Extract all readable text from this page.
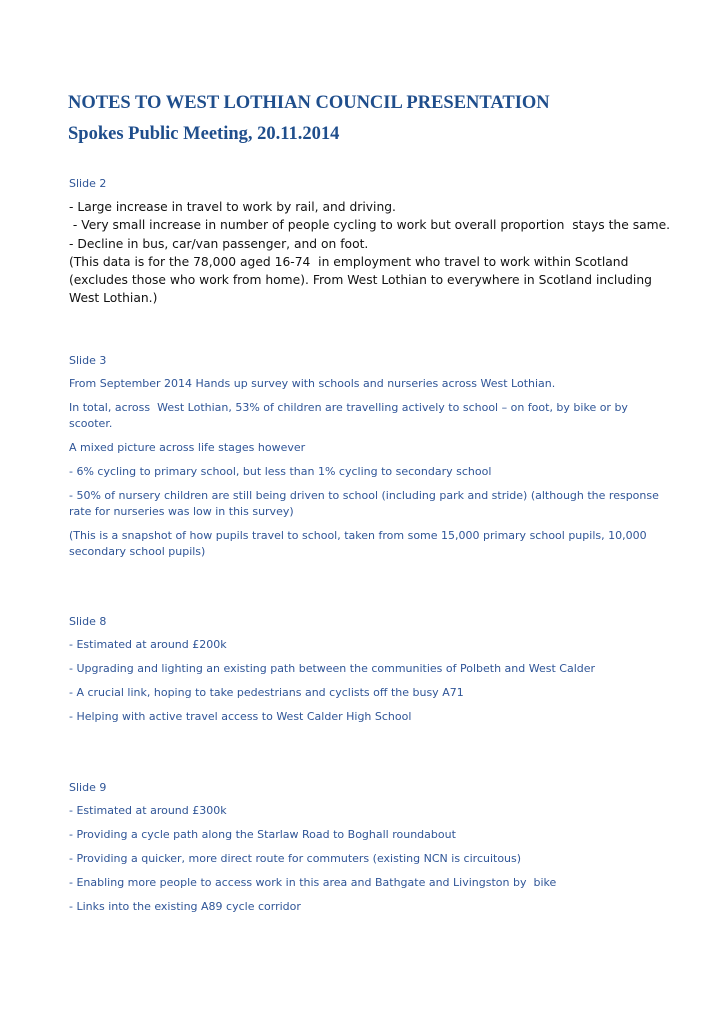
NOTES TO WEST LOTHIAN COUNCIL PRESENTATION
Spokes Public Meeting, 20.11.2014

Slide 2

- Large increase in travel to work by rail, and driving.
- Very small increase in number of people cycling to work but overall proportion  stays the same.
- Decline in bus, car/van passenger, and on foot.
(This data is for the 78,000 aged 16-74  in employment who travel to work within Scotland
(excludes those who work from home). From West Lothian to everywhere in Scotland including
West Lothian.)

Slide 3

From September 2014 Hands up survey with schools and nurseries across West Lothian.

In total, across  West Lothian, 53% of children are travelling actively to school – on foot, by bike or by scooter.

A mixed picture across life stages however

- 6% cycling to primary school, but less than 1% cycling to secondary school

- 50% of nursery children are still being driven to school (including park and stride) (although the response rate for nurseries was low in this survey)

(This is a snapshot of how pupils travel to school, taken from some 15,000 primary school pupils, 10,000 secondary school pupils)

Slide 8

- Estimated at around £200k

- Upgrading and lighting an existing path between the communities of Polbeth and West Calder

- A crucial link, hoping to take pedestrians and cyclists off the busy A71

- Helping with active travel access to West Calder High School

Slide 9

- Estimated at around £300k

- Providing a cycle path along the Starlaw Road to Boghall roundabout

- Providing a quicker, more direct route for commuters (existing NCN is circuitous)

- Enabling more people to access work in this area and Bathgate and Livingston by  bike

- Links into the existing A89 cycle corridor
